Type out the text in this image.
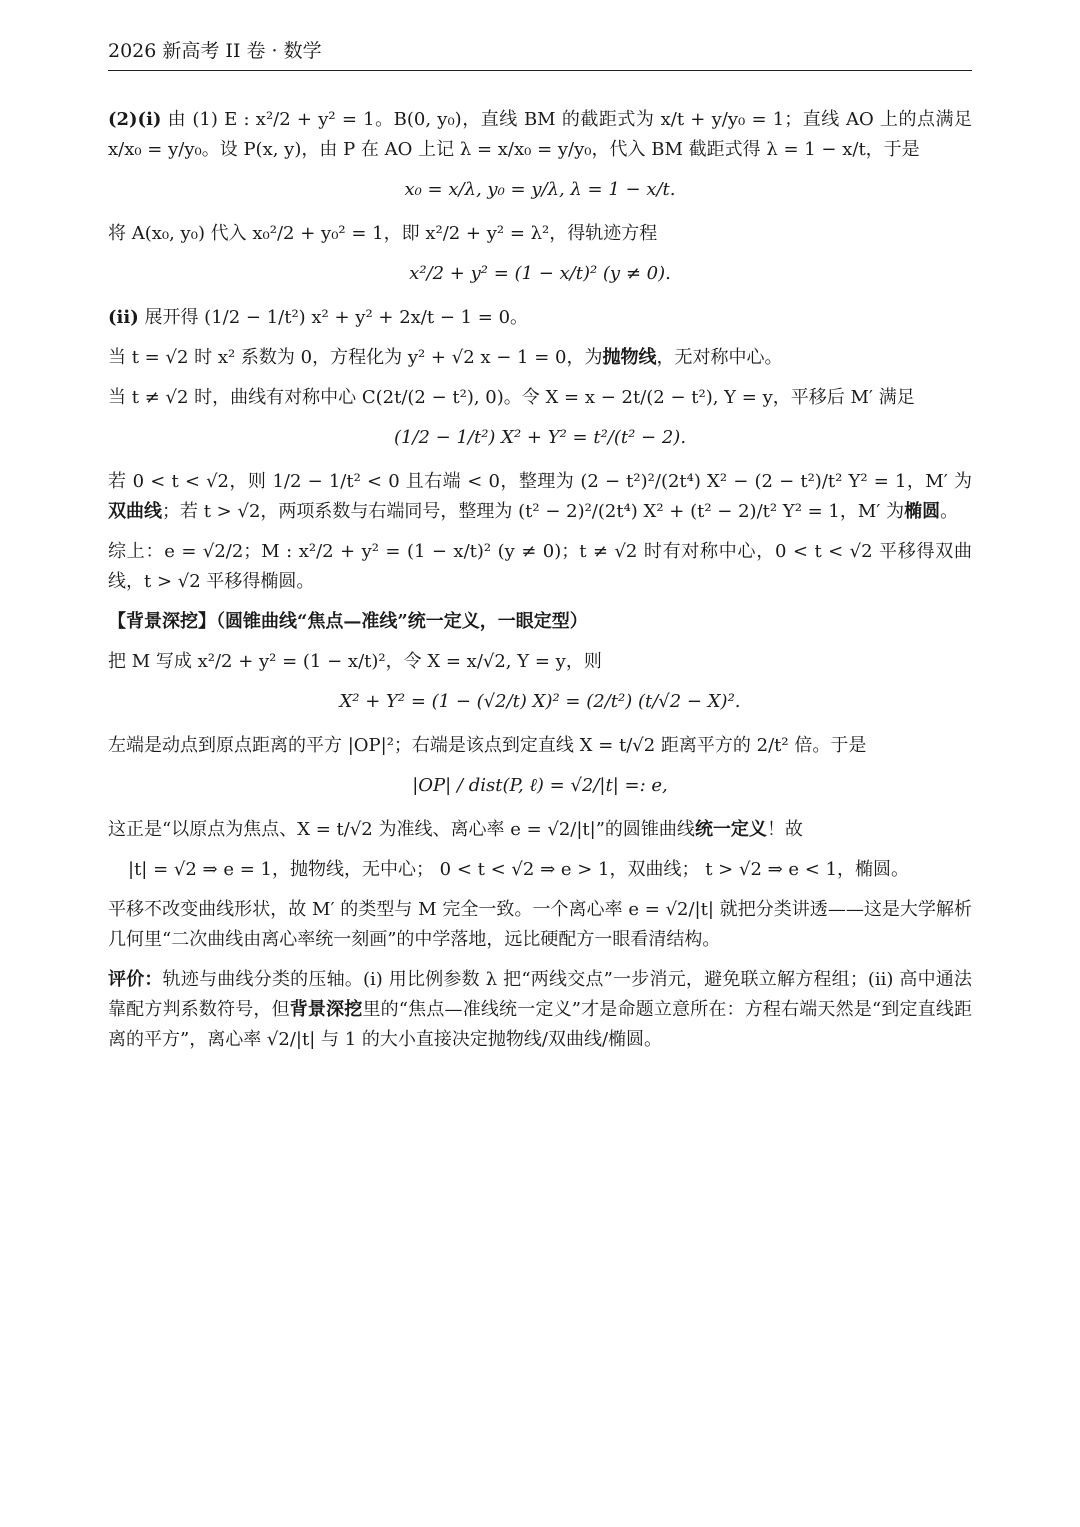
2026 新高考 II 卷 · 数学

(2)(i) 由 (1) E : x²/2 + y² = 1。B(0, y₀)，直线 BM 的截距式为 x/t + y/y₀ = 1；直线 AO 上的点满足 x/x₀ = y/y₀。设 P(x, y)，由 P 在 AO 上记 λ = x/x₀ = y/y₀，代入 BM 截距式得 λ = 1 − x/t，于是

x₀ = x/λ, y₀ = y/λ, λ = 1 − x/t.

将 A(x₀, y₀) 代入 x₀²/2 + y₀² = 1，即 x²/2 + y² = λ²，得轨迹方程

x²/2 + y² = (1 − x/t)² (y ≠ 0).

(ii) 展开得 (1/2 − 1/t²) x² + y² + 2x/t − 1 = 0。

当 t = √2 时 x² 系数为 0，方程化为 y² + √2 x − 1 = 0，为抛物线，无对称中心。

当 t ≠ √2 时，曲线有对称中心 C(2t/(2 − t²), 0)。令 X = x − 2t/(2 − t²), Y = y，平移后 M′ 满足

(1/2 − 1/t²) X² + Y² = t²/(t² − 2).

若 0 < t < √2，则 1/2 − 1/t² < 0 且右端 < 0，整理为 (2 − t²)²/(2t⁴) X² − (2 − t²)/t² Y² = 1，M′ 为双曲线；若 t > √2，两项系数与右端同号，整理为 (t² − 2)²/(2t⁴) X² + (t² − 2)/t² Y² = 1，M′ 为椭圆。

综上：e = √2/2；M : x²/2 + y² = (1 − x/t)² (y ≠ 0)；t ≠ √2 时有对称中心，0 < t < √2 平移得双曲线，t > √2 平移得椭圆。

【背景深挖】（圆锥曲线“焦点—准线”统一定义，一眼定型）

把 M 写成 x²/2 + y² = (1 − x/t)²，令 X = x/√2, Y = y，则

X² + Y² = (1 − (√2/t) X)² = (2/t²) (t/√2 − X)².

左端是动点到原点距离的平方 |OP|²；右端是该点到定直线 X = t/√2 距离平方的 2/t² 倍。于是

|OP| / dist(P, ℓ) = √2/|t| =: e,

这正是“以原点为焦点、X = t/√2 为准线、离心率 e = √2/|t|”的圆锥曲线统一定义！故

|t| = √2 ⇒ e = 1，抛物线，无中心； 0 < t < √2 ⇒ e > 1，双曲线； t > √2 ⇒ e < 1，椭圆。

平移不改变曲线形状，故 M′ 的类型与 M 完全一致。一个离心率 e = √2/|t| 就把分类讲透——这是大学解析几何里“二次曲线由离心率统一刻画”的中学落地，远比硬配方一眼看清结构。

评价：轨迹与曲线分类的压轴。(i) 用比例参数 λ 把“两线交点”一步消元，避免联立解方程组；(ii) 高中通法靠配方判系数符号，但背景深挖里的“焦点—准线统一定义”才是命题立意所在：方程右端天然是“到定直线距离的平方”，离心率 √2/|t| 与 1 的大小直接决定抛物线/双曲线/椭圆。
